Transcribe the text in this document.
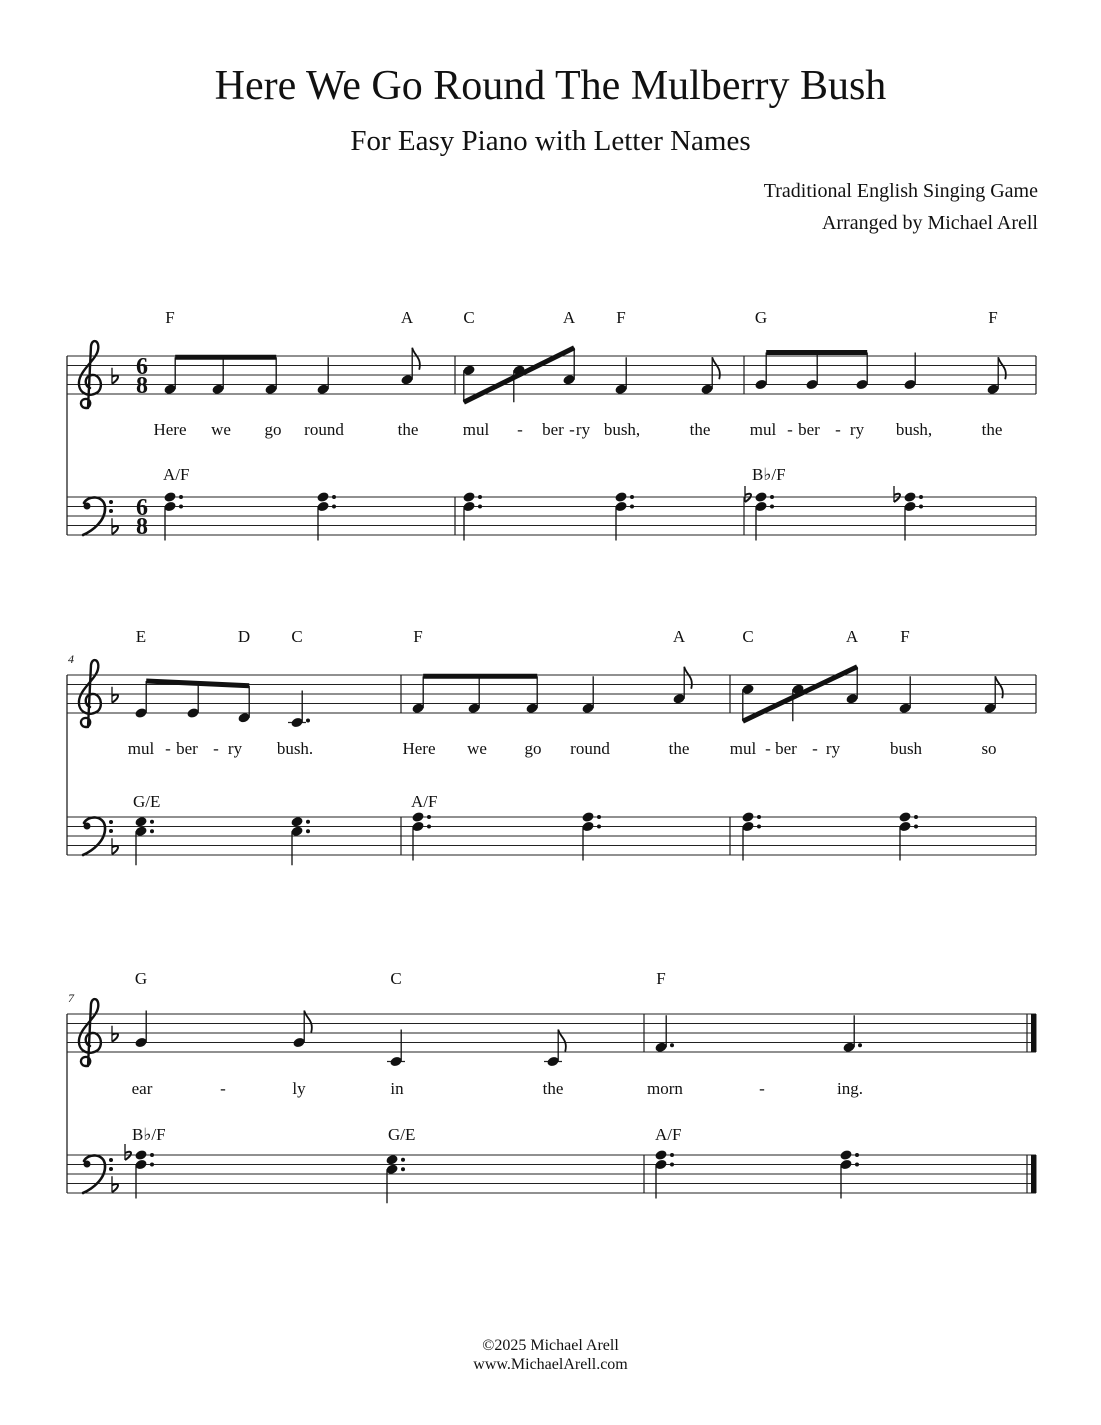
Here We Go Round The Mulberry Bush
For Easy Piano with Letter Names
Traditional English Singing Game
Arranged by Michael Arell
6
8
6
8
F	A
A/F
C	A F	G	F
B♭/F
Here we go round	the	mul - ber - ry bush,	the mul - ber - ry bush,	the
4
E	D C
G/E
F	A
A/F
C	A F
mul - ber - ry bush.	Here we go round	the mul - ber - ry	bush	so
7
G	C
B♭/F	G/E
F
A/F
ear	-	ly	in	the	morn	-	ing.
©2025 Michael Arell
www.MichaelArell.com
